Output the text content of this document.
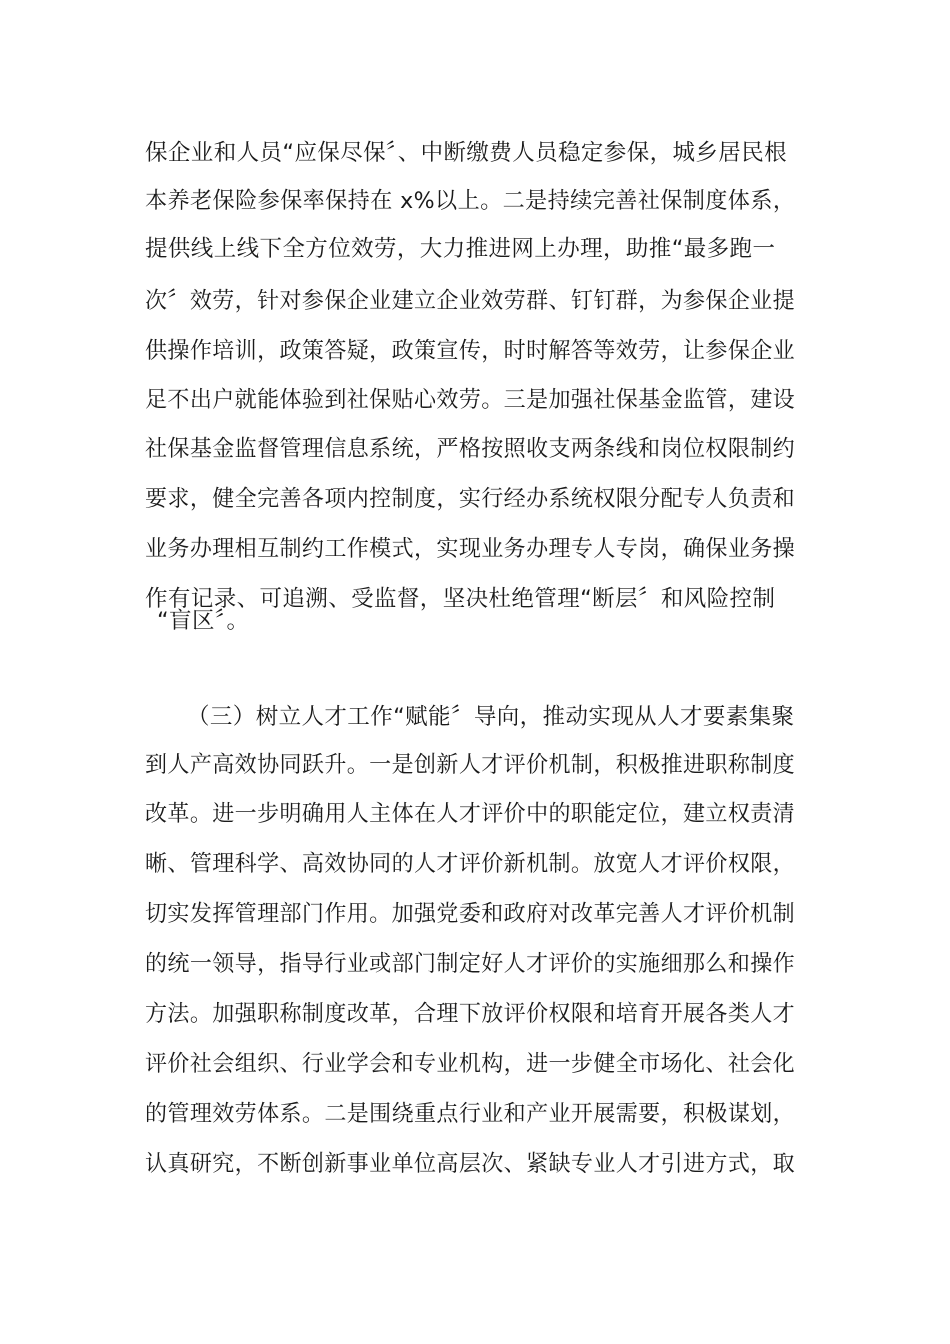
保企业和人员“应保尽保〞、中断缴费人员稳定参保，城乡居民根
本养老保险参保率保持在 x%以上。二是持续完善社保制度体系，
提供线上线下全方位效劳，大力推进网上办理，助推“最多跑一
次〞效劳，针对参保企业建立企业效劳群、钉钉群，为参保企业提
供操作培训，政策答疑，政策宣传，时时解答等效劳，让参保企业
足不出户就能体验到社保贴心效劳。三是加强社保基金监管，建设
社保基金监督管理信息系统，严格按照收支两条线和岗位权限制约
要求，健全完善各项内控制度，实行经办系统权限分配专人负责和
业务办理相互制约工作模式，实现业务办理专人专岗，确保业务操
作有记录、可追溯、受监督，坚决杜绝管理“断层〞和风险控制
“盲区〞。
（三）树立人才工作“赋能〞导向，推动实现从人才要素集聚
到人产高效协同跃升。一是创新人才评价机制，积极推进职称制度
改革。进一步明确用人主体在人才评价中的职能定位，建立权责清
晰、管理科学、高效协同的人才评价新机制。放宽人才评价权限，
切实发挥管理部门作用。加强党委和政府对改革完善人才评价机制
的统一领导，指导行业或部门制定好人才评价的实施细那么和操作
方法。加强职称制度改革，合理下放评价权限和培育开展各类人才
评价社会组织、行业学会和专业机构，进一步健全市场化、社会化
的管理效劳体系。二是围绕重点行业和产业开展需要，积极谋划，
认真研究，不断创新事业单位高层次、紧缺专业人才引进方式，取
